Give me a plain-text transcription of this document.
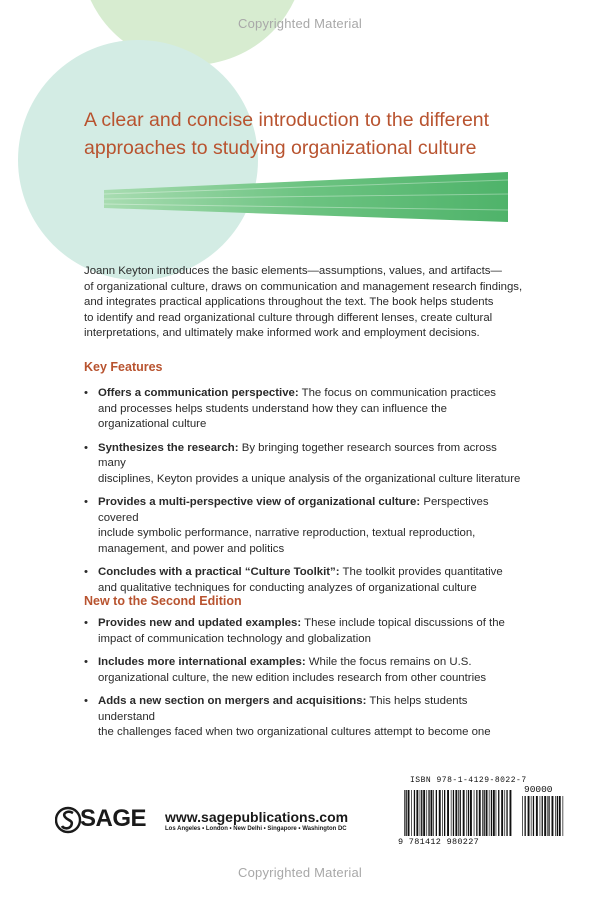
Copyrighted Material
A clear and concise introduction to the different
approaches to studying organizational culture
Joann Keyton introduces the basic elements—assumptions, values, and artifacts—
of organizational culture, draws on communication and management research findings,
and integrates practical applications throughout the text. The book helps students
to identify and read organizational culture through different lenses, create cultural
interpretations, and ultimately make informed work and employment decisions.
Key Features
• Offers a communication perspective: The focus on communication practices
and processes helps students understand how they can influence the
organizational culture
• Synthesizes the research: By bringing together research sources from across many
disciplines, Keyton provides a unique analysis of the organizational culture literature
• Provides a multi-perspective view of organizational culture: Perspectives covered
include symbolic performance, narrative reproduction, textual reproduction,
management, and power and politics
• Concludes with a practical “Culture Toolkit”: The toolkit provides quantitative
and qualitative techniques for conducting analyzes of organizational culture
New to the Second Edition
• Provides new and updated examples: These include topical discussions of the
impact of communication technology and globalization
• Includes more international examples: While the focus remains on U.S.
organizational culture, the new edition includes research from other countries
• Adds a new section on mergers and acquisitions: This helps students understand
the challenges faced when two organizational cultures attempt to become one
SAGE www.sagepublications.com
Los Angeles • London • New Delhi • Singapore • Washington DC
ISBN 978-1-4129-8022-7
90000
9 781412 980227
Copyrighted Material
